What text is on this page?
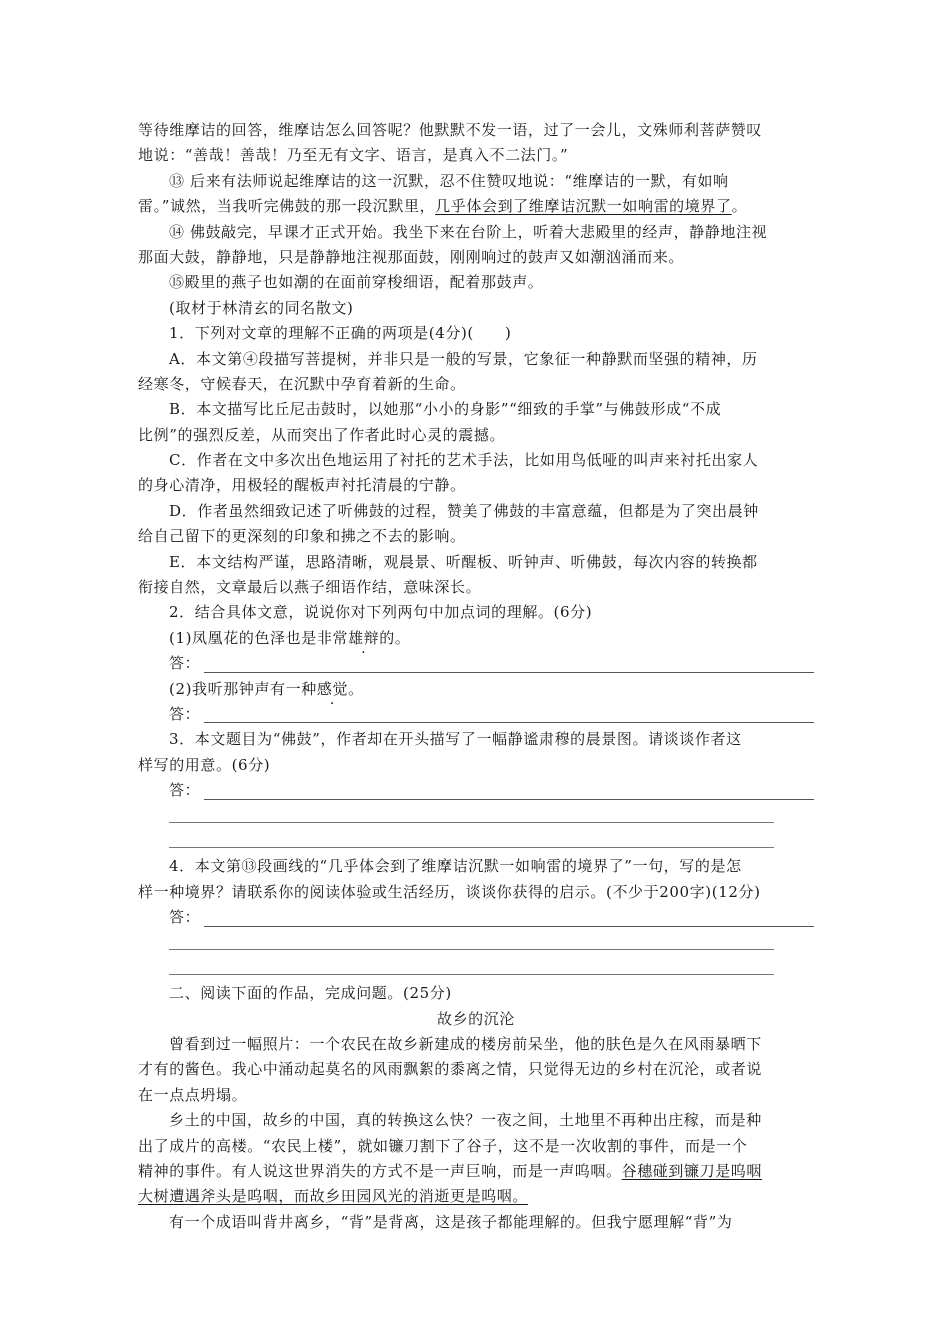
等待维摩诘的回答，维摩诘怎么回答呢？他默默不发一语，过了一会儿，文殊师利菩萨赞叹
地说：“善哉！善哉！乃至无有文字、语言，是真入不二法门。”
⑬ 后来有法师说起维摩诘的这一沉默，忍不住赞叹地说：“维摩诘的一默，有如响
雷。”诚然，当我听完佛鼓的那一段沉默里，几乎体会到了维摩诘沉默一如响雷的境界了。
⑭ 佛鼓敲完，早课才正式开始。我坐下来在台阶上，听着大悲殿里的经声，静静地注视
那面大鼓，静静地，只是静静地注视那面鼓，刚刚响过的鼓声又如潮汹涌而来。
⑮殿里的燕子也如潮的在面前穿梭细语，配着那鼓声。
(取材于林清玄的同名散文)
1．下列对文章的理解不正确的两项是(4分)(　　)
A．本文第④段描写菩提树，并非只是一般的写景，它象征一种静默而坚强的精神，历
经寒冬，守候春天，在沉默中孕育着新的生命。
B．本文描写比丘尼击鼓时，以她那“小小的身影”“细致的手掌”与佛鼓形成“不成
比例”的强烈反差，从而突出了作者此时心灵的震撼。
C．作者在文中多次出色地运用了衬托的艺术手法，比如用鸟低哑的叫声来衬托出家人
的身心清净，用极轻的醒板声衬托清晨的宁静。
D．作者虽然细致记述了听佛鼓的过程，赞美了佛鼓的丰富意蕴，但都是为了突出晨钟
给自己留下的更深刻的印象和拂之不去的影响。
E．本文结构严谨，思路清晰，观晨景、听醒板、听钟声、听佛鼓，每次内容的转换都
衔接自然，文章最后以燕子细语作结，意味深长。
2．结合具体文意，说说你对下列两句中加点词的理解。(6分)
(1)凤凰花的色泽也是非常雄辩的。
答：
(2)我听那钟声有一种感觉。
答：
3．本文题目为“佛鼓”，作者却在开头描写了一幅静谧肃穆的晨景图。请谈谈作者这
样写的用意。(6分)
答：
4．本文第⑬段画线的“几乎体会到了维摩诘沉默一如响雷的境界了”一句，写的是怎
样一种境界？请联系你的阅读体验或生活经历，谈谈你获得的启示。(不少于200字)(12分)
答：
二、阅读下面的作品，完成问题。(25分)
故乡的沉沦
曾看到过一幅照片：一个农民在故乡新建成的楼房前呆坐，他的肤色是久在风雨暴晒下
才有的酱色。我心中涌动起莫名的风雨飘絮的黍离之情，只觉得无边的乡村在沉沦，或者说
在一点点坍塌。
乡土的中国，故乡的中国，真的转换这么快？一夜之间，土地里不再种出庄稼，而是种
出了成片的高楼。“农民上楼”，就如镰刀割下了谷子，这不是一次收割的事件，而是一个
精神的事件。有人说这世界消失的方式不是一声巨响，而是一声呜咽。谷穗碰到镰刀是呜咽
大树遭遇斧头是呜咽，而故乡田园风光的消逝更是呜咽。
有一个成语叫背井离乡，“背”是背离，这是孩子都能理解的。但我宁愿理解“背”为
